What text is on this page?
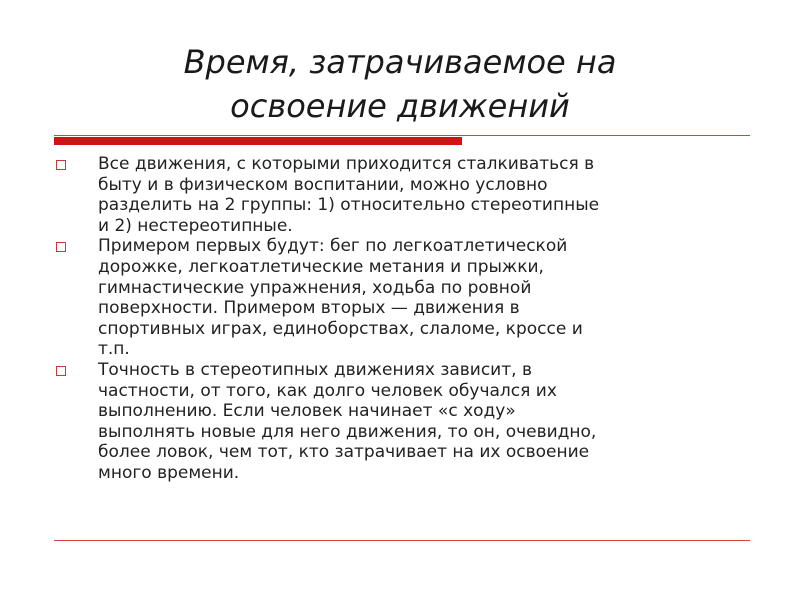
Время, затрачиваемое на
освоение движений
Все движения, с которыми приходится сталкиваться в
быту и в физическом воспитании, можно условно
разделить на 2 группы: 1) относительно стереотипные
и 2) нестереотипные.
Примером первых будут: бег по легкоатлетической
дорожке, легкоатлетические метания и прыжки,
гимнастические упражнения, ходьба по ровной
поверхности. Примером вторых — движения в
спортивных играх, единоборствах, слаломе, кроссе и
т.п.
Точность в стереотипных движениях зависит, в
частности, от того, как долго человек обучался их
выполнению. Если человек начинает «с ходу»
выполнять новые для него движения, то он, очевидно,
более ловок, чем тот, кто затрачивает на их освоение
много времени.
